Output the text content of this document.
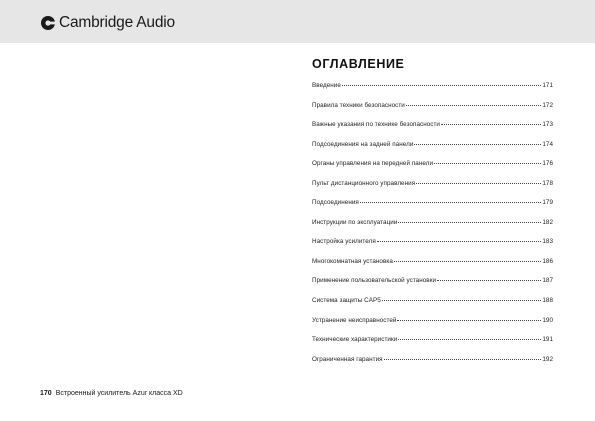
Cambridge Audio
ОГЛАВЛЕНИЕ
Введение	171
Правила техники безопасности	172
Важные указания по технике безопасности	173
Подсоединения на задней панели	174
Органы управления на передней панели	176
Пульт дистанционного управления	178
Подсоединения	179
Инструкции по эксплуатации	182
Настройка усилителя	183
Многокомнатная установка	186
Применение пользовательской установки	187
Система защиты CAP5	188
Устранение неисправностей	190
Технические характеристики	191
Ограниченная гарантия	192
170 Встроенный усилитель Azur класса XD
